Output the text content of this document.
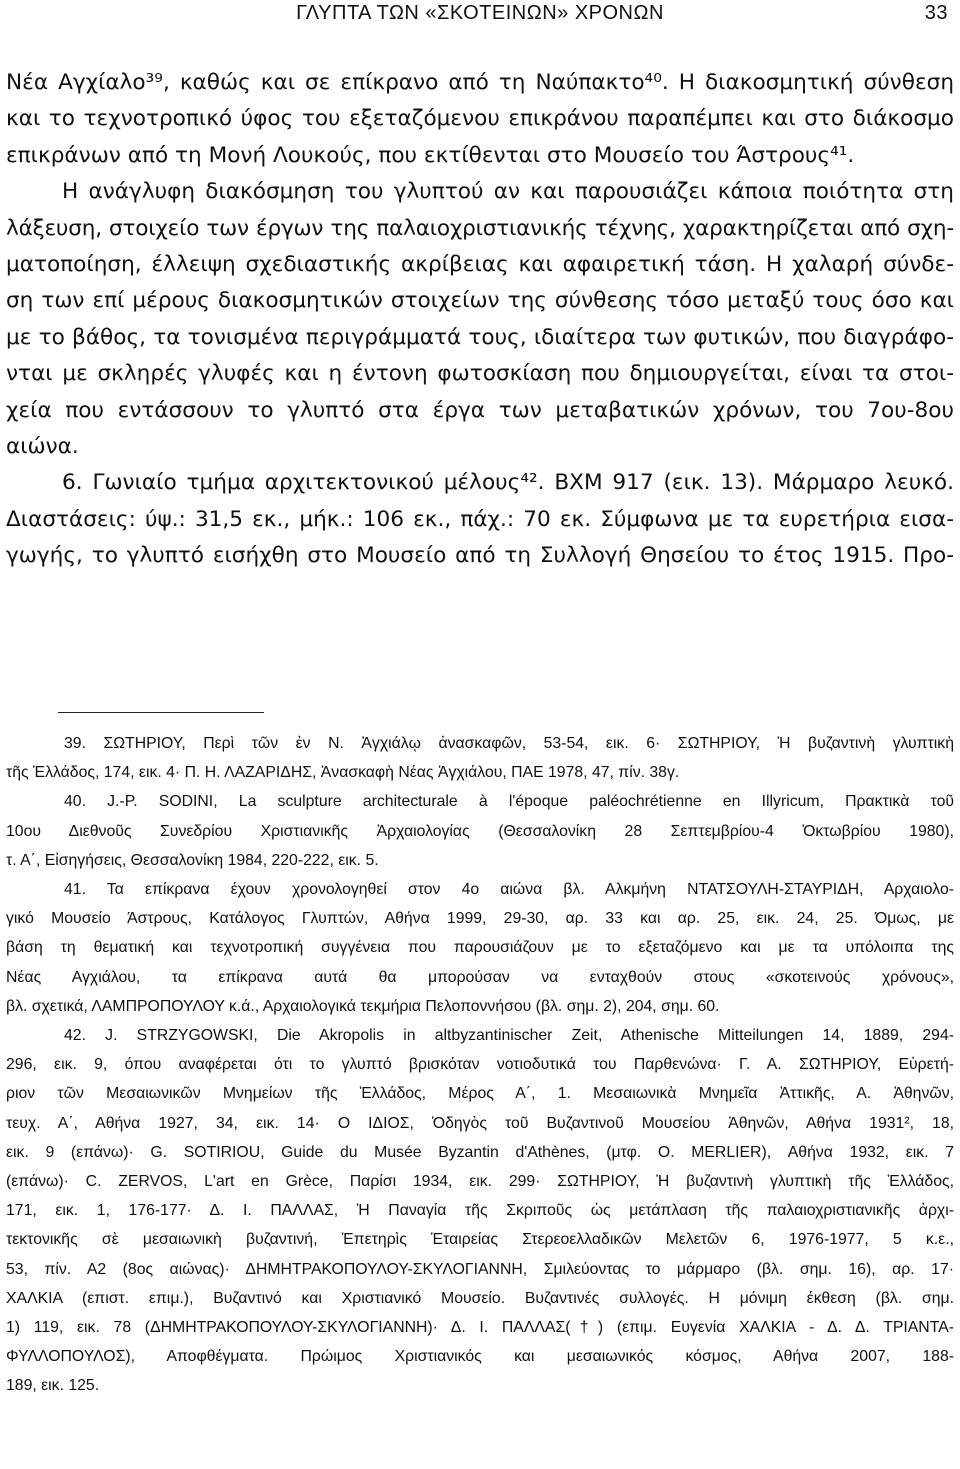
ΓΛΥΠΤΑ ΤΩΝ «ΣΚΟΤΕΙΝΩΝ» ΧΡΟΝΩΝ	33
Νέα Αγχίαλο³⁹, καθώς και σε επίκρανο από τη Ναύπακτο⁴⁰. Η διακοσμητική σύνθεση
και το τεχνοτροπικό ύφος του εξεταζόμενου επικράνου παραπέμπει και στο διάκοσμο
επικράνων από τη Μονή Λουκούς, που εκτίθενται στο Μουσείο του Άστρους⁴¹.
Η ανάγλυφη διακόσμηση του γλυπτού αν και παρουσιάζει κάποια ποιότητα στη
λάξευση, στοιχείο των έργων της παλαιοχριστιανικής τέχνης, χαρακτηρίζεται από σχη-
ματοποίηση, έλλειψη σχεδιαστικής ακρίβειας και αφαιρετική τάση. Η χαλαρή σύνδε-
ση των επί μέρους διακοσμητικών στοιχείων της σύνθεσης τόσο μεταξύ τους όσο και
με το βάθος, τα τονισμένα περιγράμματά τους, ιδιαίτερα των φυτικών, που διαγράφο-
νται με σκληρές γλυφές και η έντονη φωτοσκίαση που δημιουργείται, είναι τα στοι-
χεία που εντάσσουν το γλυπτό στα έργα των μεταβατικών χρόνων, του 7ου-8ου
αιώνα.
6. Γωνιαίο τμήμα αρχιτεκτονικού μέλους⁴². ΒΧΜ 917 (εικ. 13). Μάρμαρο λευκό.
Διαστάσεις: ύψ.: 31,5 εκ., μήκ.: 106 εκ., πάχ.: 70 εκ. Σύμφωνα με τα ευρετήρια εισα-
γωγής, το γλυπτό εισήχθη στο Μουσείο από τη Συλλογή Θησείου το έτος 1915. Προ-
39. ΣΩΤΗΡΙΟΥ, Περὶ τῶν ἐν Ν. Ἀγχιάλῳ ἀνασκαφῶν, 53-54, εικ. 6· ΣΩΤΗΡΙΟΥ, Ἡ βυζαντινὴ γλυπτικὴ
τῆς Ἑλλάδος, 174, εικ. 4· Π. Η. ΛΑΖΑΡΙΔΗΣ, Ἀνασκαφὴ Νέας Ἀγχιάλου, ΠΑΕ 1978, 47, πίν. 38γ.
40. J.-P. SODINI, La sculpture architecturale à l'époque paléochrétienne en Illyricum, Πρακτικὰ τοῦ
10ου Διεθνοῦς Συνεδρίου Χριστιανικῆς Ἀρχαιολογίας (Θεσσαλονίκη 28 Σεπτεμβρίου-4 Ὀκτωβρίου 1980),
τ. Α΄, Εἰσηγήσεις, Θεσσαλονίκη 1984, 220-222, εικ. 5.
41. Τα επίκρανα έχουν χρονολογηθεί στον 4ο αιώνα βλ. Αλκμήνη ΝΤΑΤΣΟΥΛΗ-ΣΤΑΥΡΙΔΗ, Αρχαιολο-
γικό Μουσείο Άστρους, Κατάλογος Γλυπτών, Αθήνα 1999, 29-30, αρ. 33 και αρ. 25, εικ. 24, 25. Όμως, με
βάση τη θεματική και τεχνοτροπική συγγένεια που παρουσιάζουν με το εξεταζόμενο και με τα υπόλοιπα της
Νέας Αγχιάλου, τα επίκρανα αυτά θα μπορούσαν να ενταχθούν στους «σκοτεινούς χρόνους»,
βλ. σχετικά, ΛΑΜΠΡΟΠΟΥΛΟΥ κ.ά., Αρχαιολογικά τεκμήρια Πελοποννήσου (βλ. σημ. 2), 204, σημ. 60.
42. J. STRZYGOWSKI, Die Akropolis in altbyzantinischer Zeit, Athenische Mitteilungen 14, 1889, 294-
296, εικ. 9, όπου αναφέρεται ότι το γλυπτό βρισκόταν νοτιοδυτικά του Παρθενώνα· Γ. Α. ΣΩΤΗΡΙΟΥ, Εὑρετή-
ριον τῶν Μεσαιωνικῶν Μνημείων τῆς Ἑλλάδος, Μέρος Α΄, 1. Μεσαιωνικὰ Μνημεῖα Ἀττικῆς, Α. Ἀθηνῶν,
τευχ. Α΄, Αθήνα 1927, 34, εικ. 14· Ο ΙΔΙΟΣ, Ὁδηγὸς τοῦ Βυζαντινοῦ Μουσείου Ἀθηνῶν, Αθήνα 1931², 18,
εικ. 9 (επάνω)· G. SOTIRIOU, Guide du Musée Byzantin d'Athènes, (μτφ. O. MERLIER), Αθήνα 1932, εικ. 7
(επάνω)· C. ZERVOS, L'art en Grèce, Παρίσι 1934, εικ. 299· ΣΩΤΗΡΙΟΥ, Ἡ βυζαντινὴ γλυπτικὴ τῆς Ἑλλάδος,
171, εικ. 1, 176-177· Δ. Ι. ΠΑΛΛΑΣ, Ἡ Παναγία τῆς Σκριποῦς ὡς μετάπλαση τῆς παλαιοχριστιανικῆς ἀρχι-
τεκτονικῆς σὲ μεσαιωνικὴ βυζαντινή, Ἐπετηρὶς Ἑταιρείας Στερεοελλαδικῶν Μελετῶν 6, 1976-1977, 5 κ.ε.,
53, πίν. Α2 (8ος αιώνας)· ΔΗΜΗΤΡΑΚΟΠΟΥΛΟΥ-ΣΚΥΛΟΓΙΑΝΝΗ, Σμιλεύοντας το μάρμαρο (βλ. σημ. 16), αρ. 17·
ΧΑΛΚΙΑ (επιστ. επιμ.), Βυζαντινό και Χριστιανικό Μουσείο. Βυζαντινές συλλογές. Η μόνιμη έκθεση (βλ. σημ.
1) 119, εικ. 78 (ΔΗΜΗΤΡΑΚΟΠΟΥΛΟΥ-ΣΚΥΛΟΓΙΑΝΝΗ)· Δ. Ι. ΠΑΛΛΑΣ(†) (επιμ. Ευγενία ΧΑΛΚΙΑ - Δ. Δ. ΤΡΙΑΝΤΑ-
ΦΥΛΛΟΠΟΥΛΟΣ), Αποφθέγματα. Πρώιμος Χριστιανικός και μεσαιωνικός κόσμος, Αθήνα 2007, 188-
189, εικ. 125.
